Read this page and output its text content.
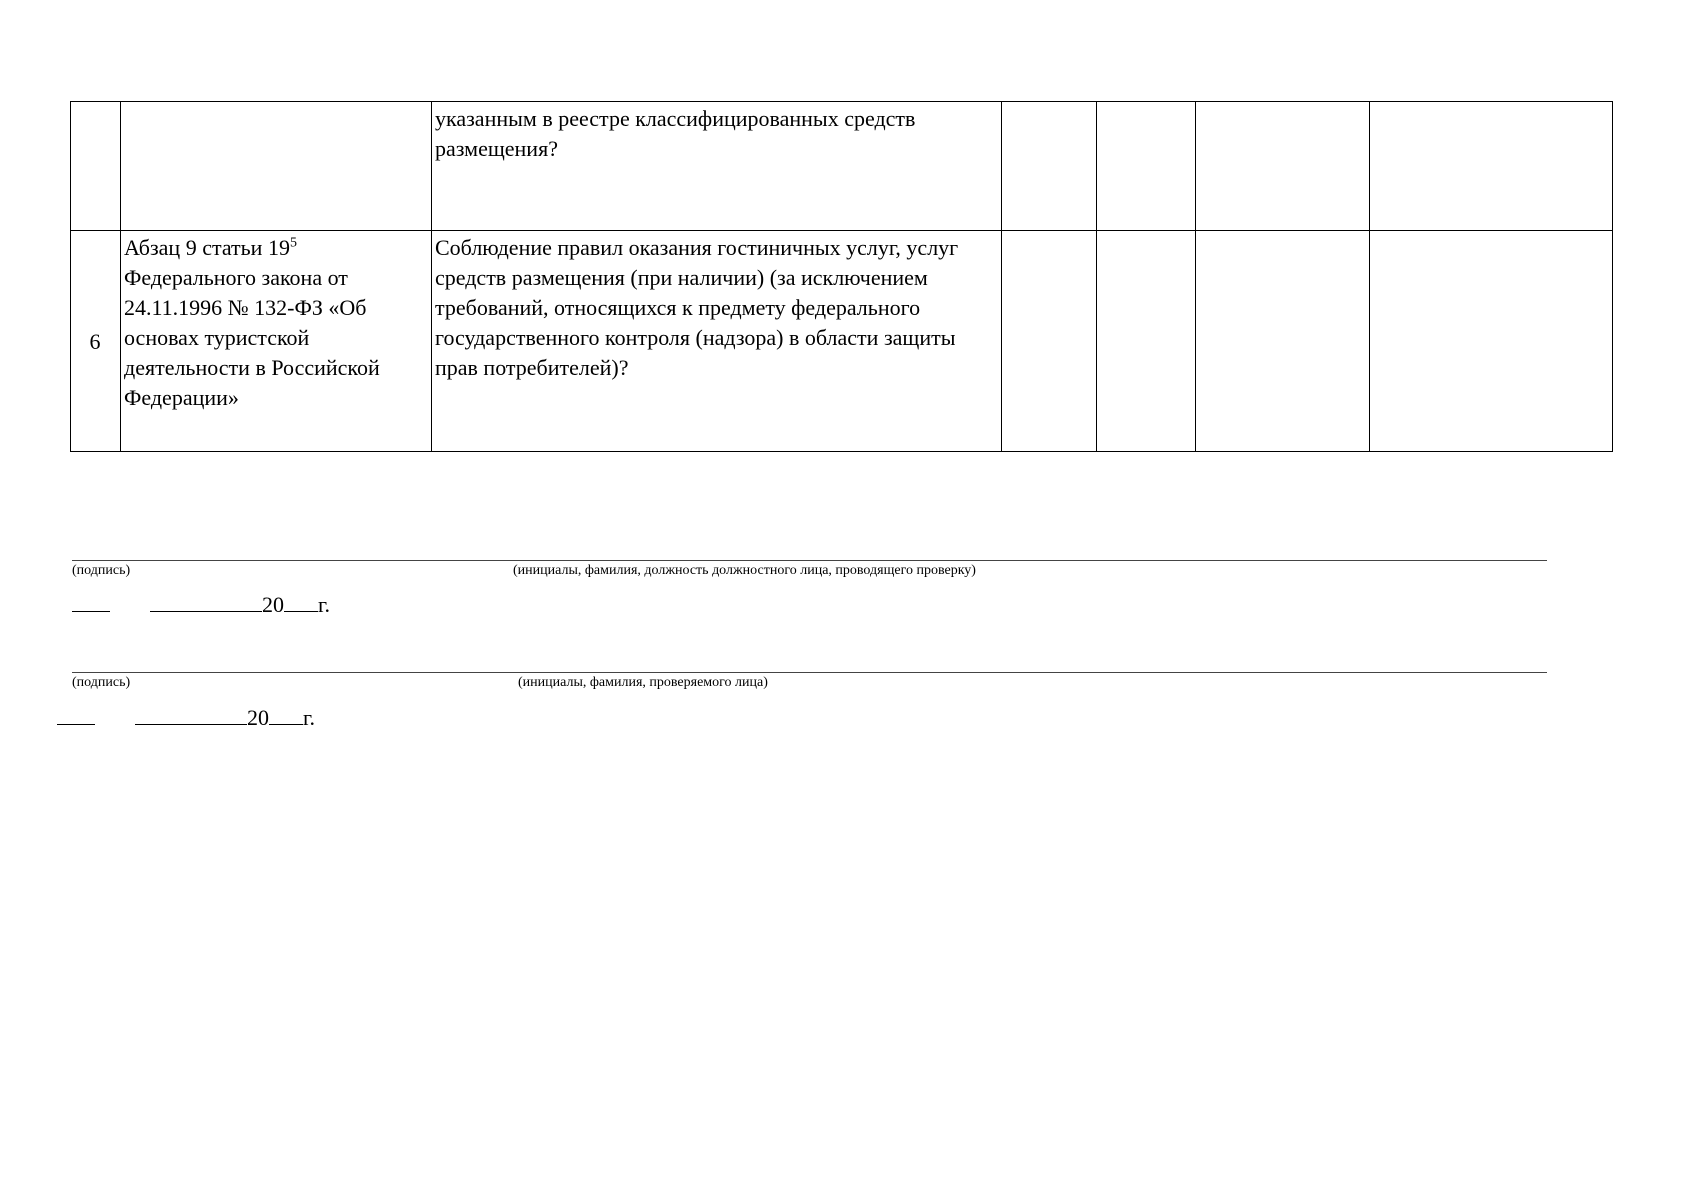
		указанным в реестре классифицированных средств размещения?				
6	Абзац 9 статьи $19^5$ Федерального закона от 24.11.1996 № 132-ФЗ «Об основах туристской деятельности в Российской Федерации»	Соблюдение правил оказания гостиничных услуг, услуг средств размещения (при наличии) (за исключением требований, относящихся к предмету федерального государственного контроля (надзора) в области защиты прав потребителей)?				
(подпись)	(инициалы, фамилия, должность должностного лица, проводящего проверку)
20 г.
(подпись)	(инициалы, фамилия, проверяемого лица)
20 г.
